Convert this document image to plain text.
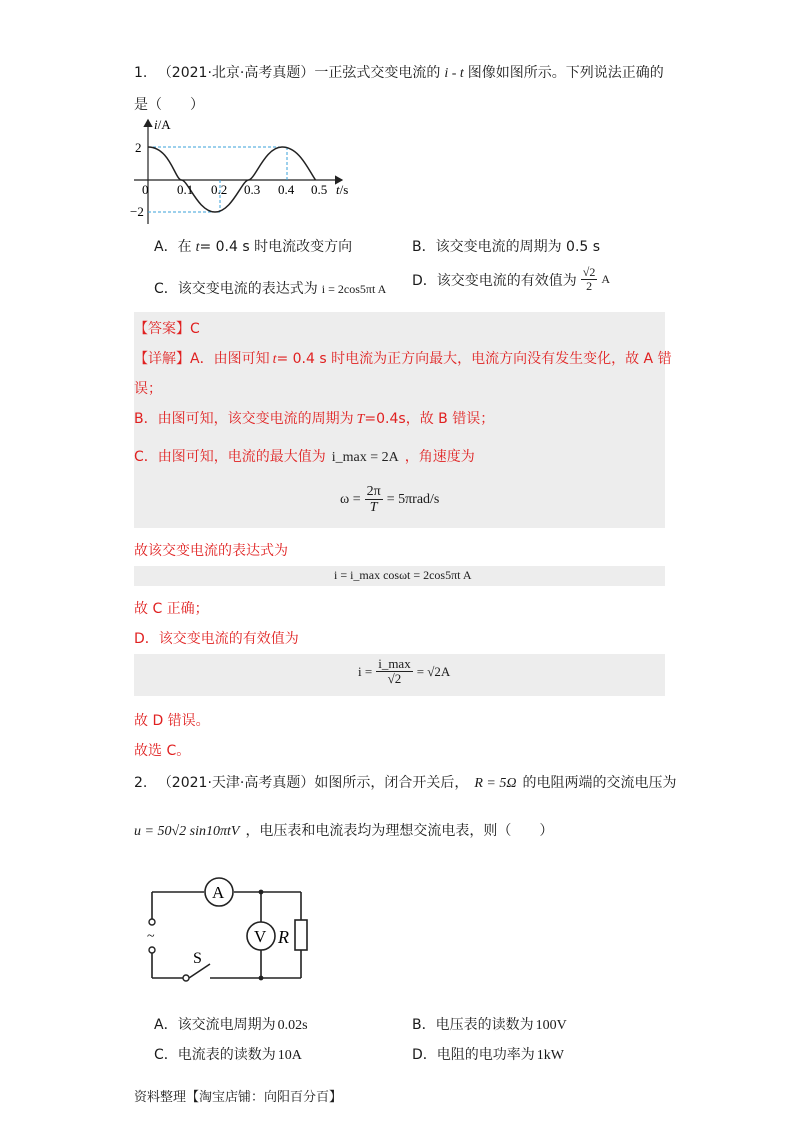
1. （2021·北京·高考真题）一正弦式交变电流的 i - t 图像如图所示。下列说法正确的
是（　　）
i/A
2
−2
0 0.1 0.2 0.3 0.4 0.5 t/s
A．在 t= 0.4 s 时电流改变方向	B．该交变电流的周期为 0.5 s
C．该交变电流的表达式为 i = 2cos5πt A
D．该交变电流的有效值为 $\frac{√2}{2}$ A
【答案】C
【详解】A．由图可知 t= 0.4 s 时电流为正方向最大，电流方向没有发生变化，故 A 错
误；
B．由图可知，该交变电流的周期为 T=0.4s，故 B 错误；
C．由图可知，电流的最大值为 i_max = 2A ，角速度为
$\omega = \frac{2\pi}{T} = 5\pi rad/s$
故该交变电流的表达式为
i = i_max cosωt = 2cos5πt A
故 C 正确；
D．该交变电流的有效值为
$i = \frac{i\_\max}{√2} = √2A$
故 D 错误。
故选 C。
2. （2021·天津·高考真题）如图所示，闭合开关后， R = 5Ω 的电阻两端的交流电压为
u = 50√2 sin10πtV ，电压表和电流表均为理想交流电表，则（　　）
A
V R
S
~
A．该交流电周期为 0.02s	B．电压表的读数为 100V
C．电流表的读数为 10A	D．电阻的电功率为 1kW
资料整理【淘宝店铺：向阳百分百】
